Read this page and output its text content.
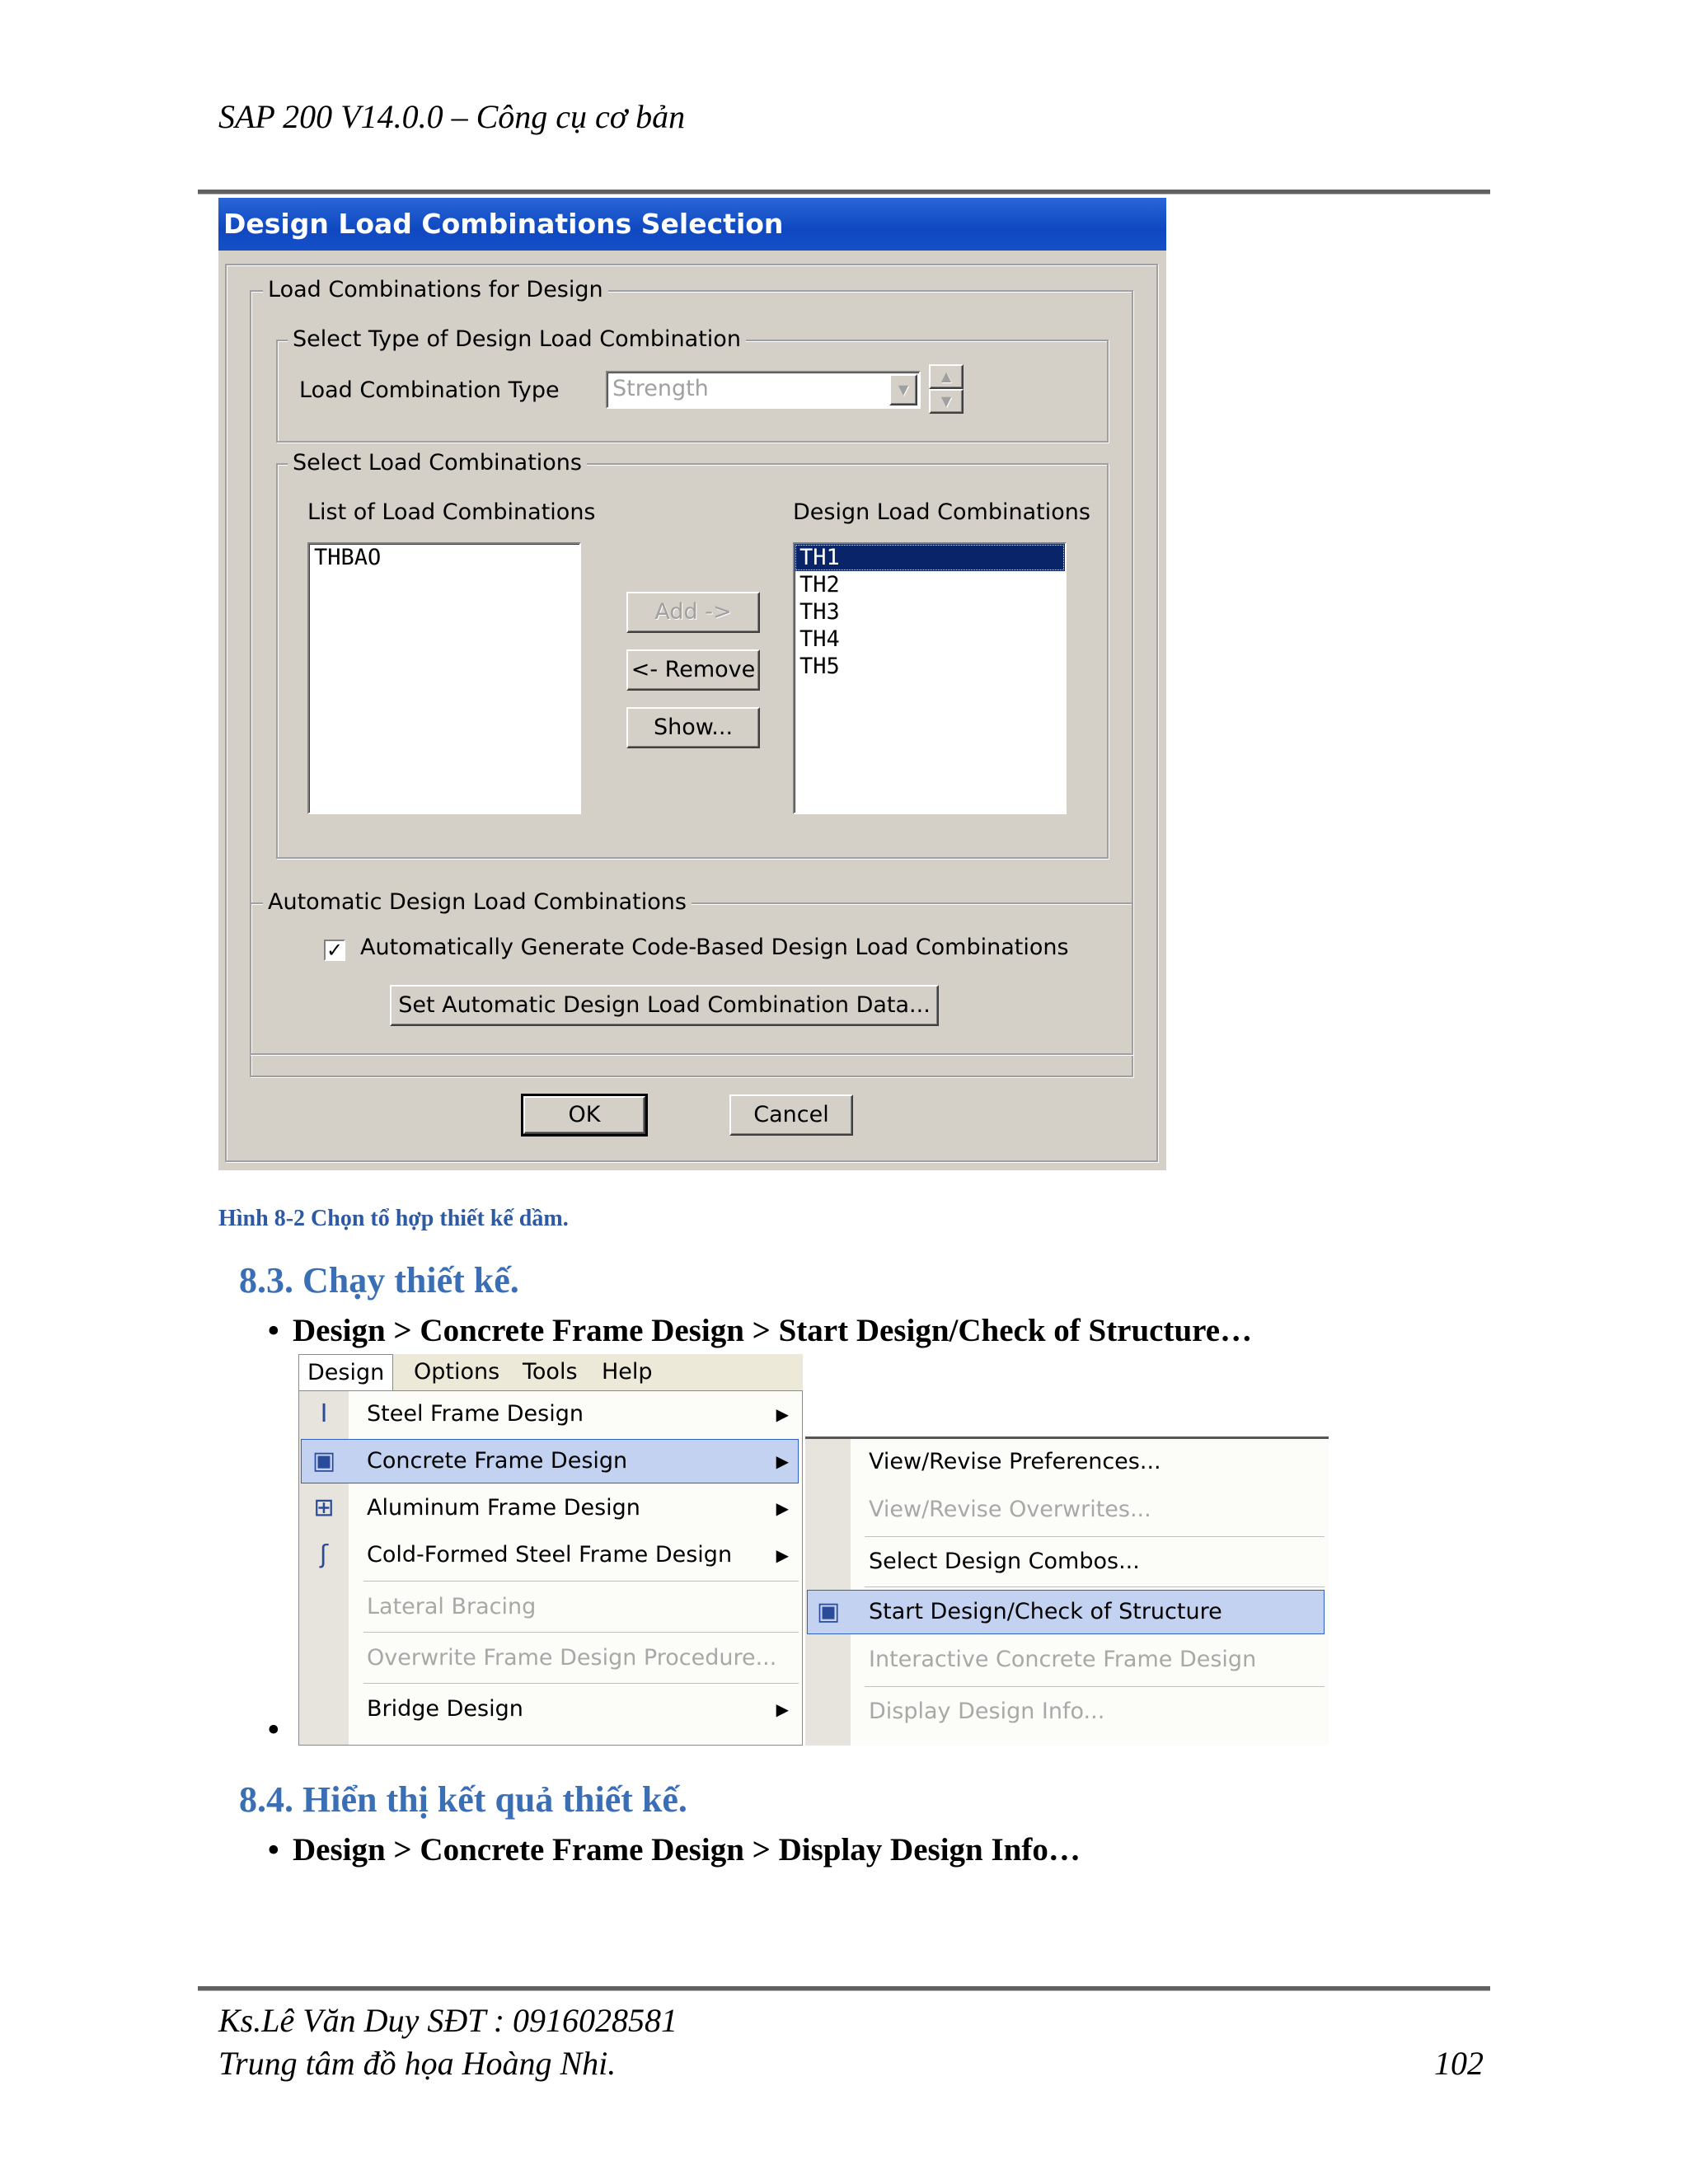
SAP 200 V14.0.0 – Công cụ cơ bản
Design Load Combinations Selection
Load Combinations for Design
Select Type of Design Load Combination
Load Combination Type Strength	▼
▲
▼
Select Load Combinations
List of Load Combinations
THBAO
Design Load Combinations
TH1
TH2
TH3
TH4
TH5
Add ->
<- Remove
Show...
Automatic Design Load Combinations
✓ Automatically Generate Code-Based Design Load Combinations
Set Automatic Design Load Combination Data...
OK	Cancel
Hình 8-2 Chọn tổ hợp thiết kế dầm.
8.3. Chạy thiết kế.
• Design > Concrete Frame Design > Start Design/Check of Structure…
•
Design	Options	Tools	Help
I	Steel Frame Design	▶
▣	Concrete Frame Design	▶
⊞	Aluminum Frame Design	▶
ʃ	Cold-Formed Steel Frame Design	▶
Lateral Bracing
Overwrite Frame Design Procedure...
Bridge Design	▶
View/Revise Preferences...
View/Revise Overwrites...
Select Design Combos...
▣	Start Design/Check of Structure
Interactive Concrete Frame Design
Display Design Info...
8.4. Hiển thị kết quả thiết kế.
• Design > Concrete Frame Design > Display Design Info…
Ks.Lê Văn Duy SĐT : 0916028581
Trung tâm đồ họa Hoàng Nhi.	102
